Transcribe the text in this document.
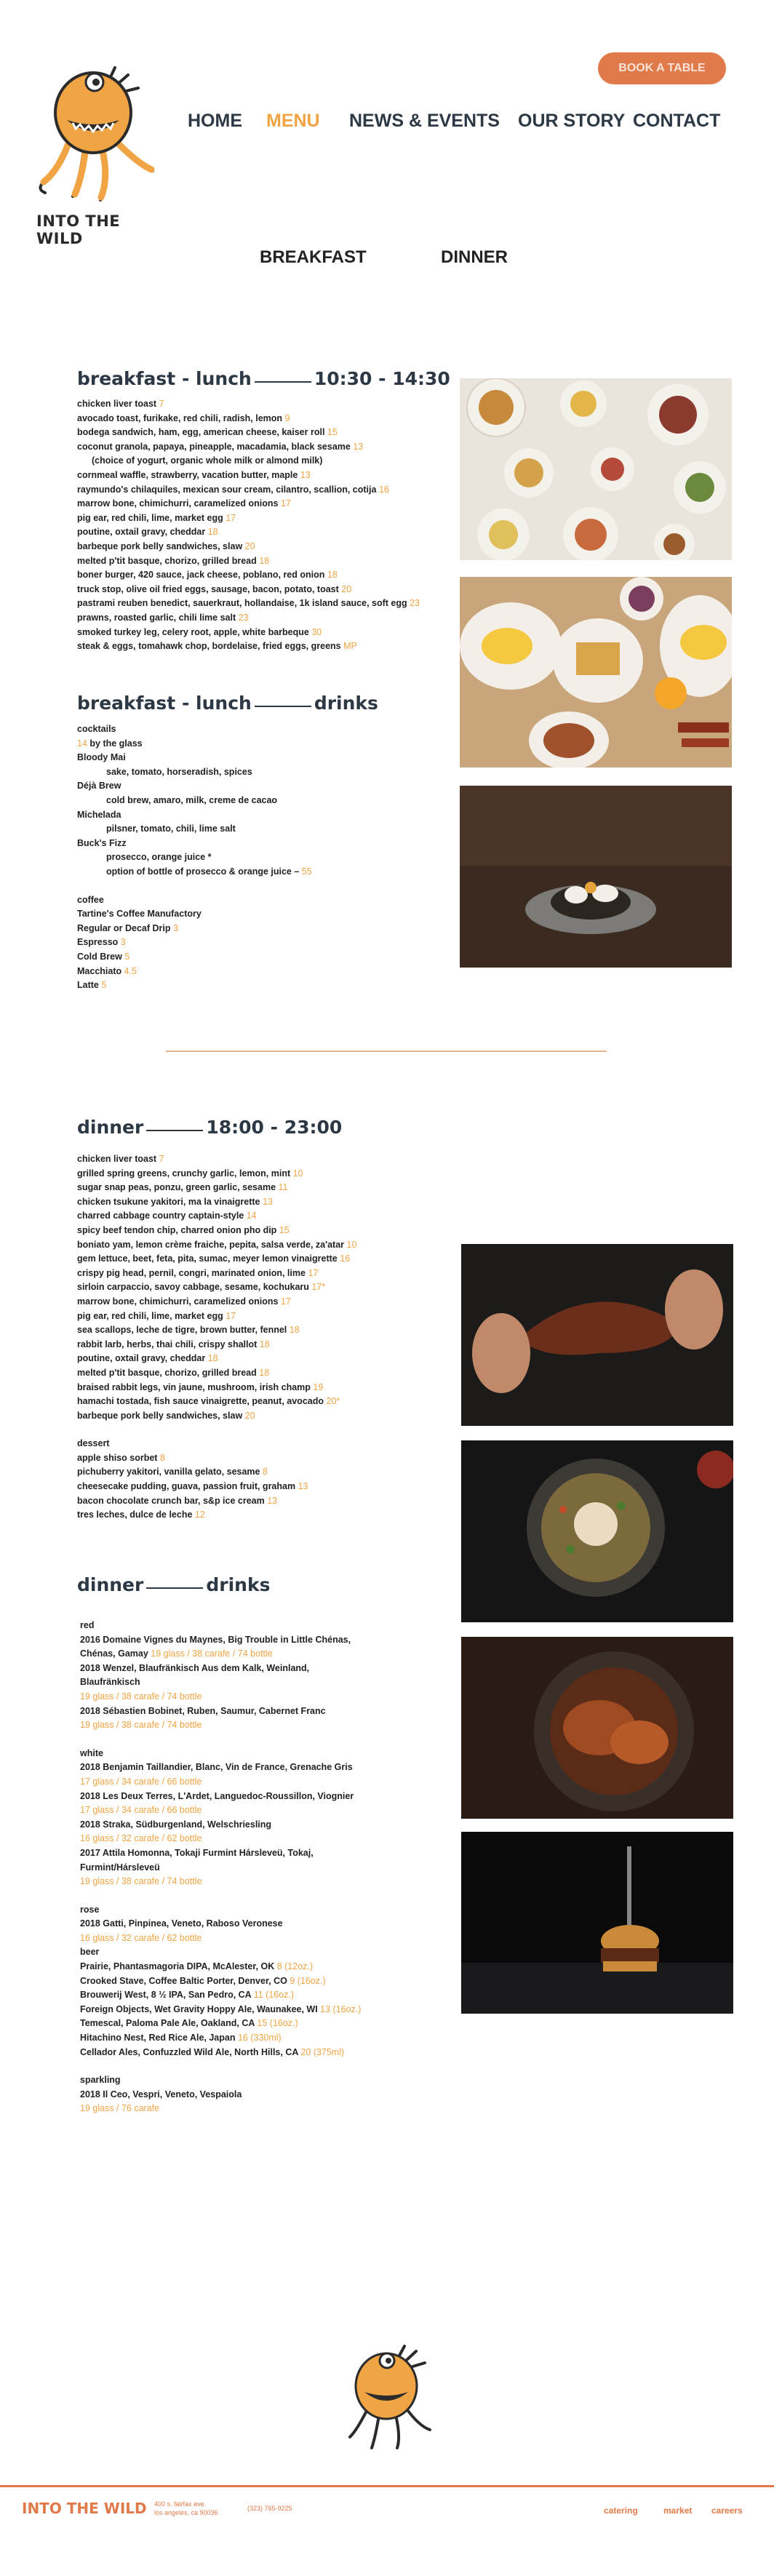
INTO THE WILD
BOOK A TABLE
HOME MENU NEWS & EVENTS OUR STORY CONTACT
BREAKFAST	DINNER
breakfast - lunch	10:30 - 14:30
chicken liver toast 7
avocado toast, furikake, red chili, radish, lemon 9
bodega sandwich, ham, egg, american cheese, kaiser roll 15
coconut granola, papaya, pineapple, macadamia, black sesame 13
(choice of yogurt, organic whole milk or almond milk)
cornmeal waffle, strawberry, vacation butter, maple 13
raymundo's chilaquiles, mexican sour cream, cilantro, scallion, cotija 16
marrow bone, chimichurri, caramelized onions 17
pig ear, red chili, lime, market egg 17
poutine, oxtail gravy, cheddar 18
barbeque pork belly sandwiches, slaw 20
melted p'tit basque, chorizo, grilled bread 18
boner burger, 420 sauce, jack cheese, poblano, red onion 18
truck stop, olive oil fried eggs, sausage, bacon, potato, toast 20
pastrami reuben benedict, sauerkraut, hollandaise, 1k island sauce, soft egg 23
prawns, roasted garlic, chili lime salt 23
smoked turkey leg, celery root, apple, white barbeque 30
steak & eggs, tomahawk chop, bordelaise, fried eggs, greens MP
breakfast - lunch	drinks
cocktails
14 by the glass
Bloody Mai
sake, tomato, horseradish, spices
Déjà Brew
cold brew, amaro, milk, creme de cacao
Michelada
pilsner, tomato, chili, lime salt
Buck's Fizz
prosecco, orange juice *
option of bottle of prosecco & orange juice – 55
coffee
Tartine's Coffee Manufactory
Regular or Decaf Drip 3
Espresso 3
Cold Brew 5
Macchiato 4.5
Latte 5
dinner	18:00 - 23:00
chicken liver toast 7
grilled spring greens, crunchy garlic, lemon, mint 10
sugar snap peas, ponzu, green garlic, sesame 11
chicken tsukune yakitori, ma la vinaigrette 13
charred cabbage country captain-style 14
spicy beef tendon chip, charred onion pho dip 15
boniato yam, lemon crème fraiche, pepita, salsa verde, za'atar 10
gem lettuce, beet, feta, pita, sumac, meyer lemon vinaigrette 16
crispy pig head, pernil, congri, marinated onion, lime 17
sirloin carpaccio, savoy cabbage, sesame, kochukaru 17*
marrow bone, chimichurri, caramelized onions 17
pig ear, red chili, lime, market egg 17
sea scallops, leche de tigre, brown butter, fennel 18
rabbit larb, herbs, thai chili, crispy shallot 18
poutine, oxtail gravy, cheddar 18
melted p'tit basque, chorizo, grilled bread 18
braised rabbit legs, vin jaune, mushroom, irish champ 19
hamachi tostada, fish sauce vinaigrette, peanut, avocado 20*
barbeque pork belly sandwiches, slaw 20
dessert
apple shiso sorbet 8
pichuberry yakitori, vanilla gelato, sesame 8
cheesecake pudding, guava, passion fruit, graham 13
bacon chocolate crunch bar, s&p ice cream 13
tres leches, dulce de leche 12
dinner	drinks
red
2016 Domaine Vignes du Maynes, Big Trouble in Little Chénas,
Chénas, Gamay 19 glass / 38 carafe / 74 bottle
2018 Wenzel, Blaufränkisch Aus dem Kalk, Weinland,
Blaufränkisch
19 glass / 38 carafe / 74 bottle
2018 Sébastien Bobinet, Ruben, Saumur, Cabernet Franc
19 glass / 38 carafe / 74 bottle
white
2018 Benjamin Taillandier, Blanc, Vin de France, Grenache Gris
17 glass / 34 carafe / 66 bottle
2018 Les Deux Terres, L'Ardet, Languedoc-Roussillon, Viognier
17 glass / 34 carafe / 66 bottle
2018 Straka, Südburgenland, Welschriesling
16 glass / 32 carafe / 62 bottle
2017 Attila Homonna, Tokaji Furmint Hársleveü, Tokaj,
Furmint/Hársleveü
19 glass / 38 carafe / 74 bottle
rose
2018 Gatti, Pinpinea, Veneto, Raboso Veronese
16 glass / 32 carafe / 62 bottle
beer
Prairie, Phantasmagoria DIPA, McAlester, OK 8 (12oz.)
Crooked Stave, Coffee Baltic Porter, Denver, CO 9 (16oz.)
Brouwerij West, 8 ½ IPA, San Pedro, CA 11 (16oz.)
Foreign Objects, Wet Gravity Hoppy Ale, Waunakee, WI 13 (16oz.)
Temescal, Paloma Pale Ale, Oakland, CA 15 (16oz.)
Hitachino Nest, Red Rice Ale, Japan 16 (330ml)
Cellador Ales, Confuzzled Wild Ale, North Hills, CA 20 (375ml)
sparkling
2018 Il Ceo, Vespri, Veneto, Vespaiola
19 glass / 76 carafe
INTO THE WILD 400 s. fairfax ave.
los angeles, ca 90036
(323) 765-9225	catering	market careers
